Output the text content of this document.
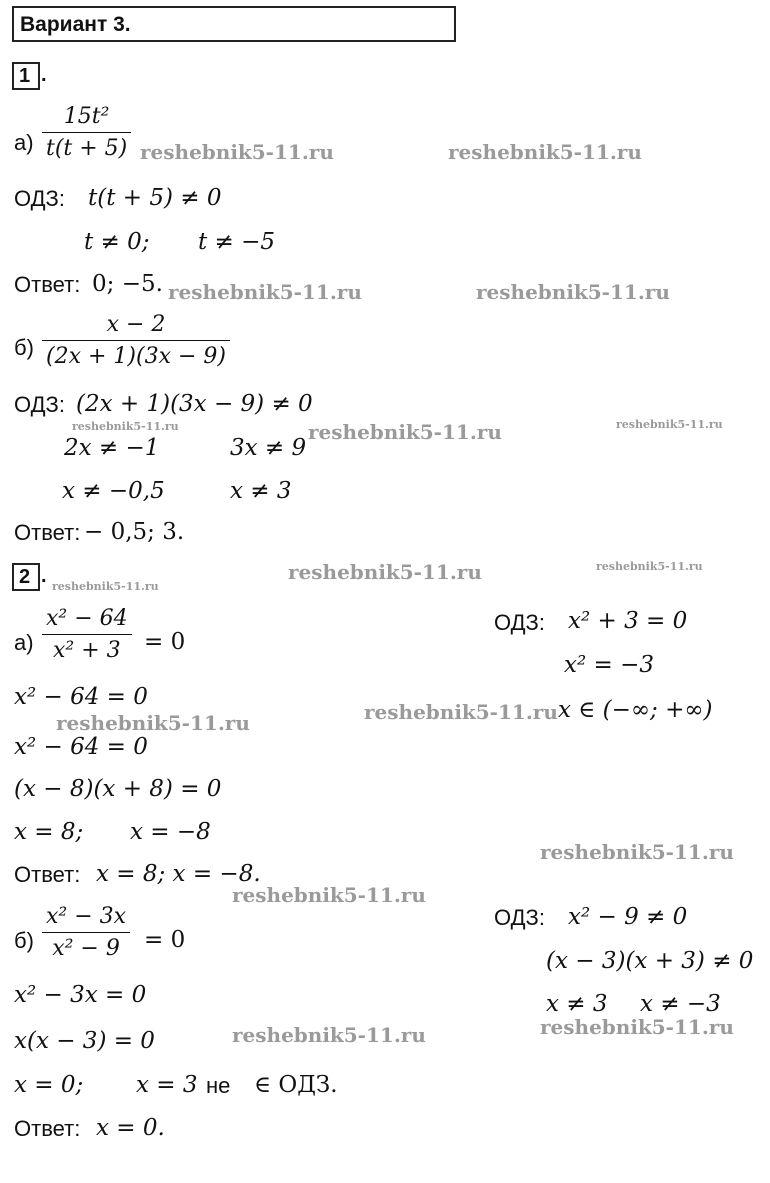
Вариант 3.
1 .
а)
15t²
t(t + 5)
ОДЗ: t(t + 5) ≠ 0
t ≠ 0; t ≠ −5
Ответ: 0; −5.
б)
x − 2
(2x + 1)(3x − 9)
ОДЗ: (2x + 1)(3x − 9) ≠ 0
2x ≠ −1	3x ≠ 9
x ≠ −0,5	x ≠ 3
Ответ: − 0,5; 3.
2 .
а)
x² − 64
x² + 3 = 0
x² − 64 = 0
x² − 64 = 0
(x − 8)(x + 8) = 0
x = 8; x = −8
ОДЗ: x² + 3 = 0
x² = −3
x ∈ (−∞; +∞)
Ответ: x = 8; x = −8.
б)
x² − 3x
x² − 9 = 0
x² − 3x = 0
x(x − 3) = 0
x = 0; x = 3 не ∈ ОДЗ.
ОДЗ: x² − 9 ≠ 0
(x − 3)(x + 3) ≠ 0
x ≠ 3 x ≠ −3
Ответ: x = 0.
reshebnik5-11.ru	reshebnik5-11.ru
reshebnik5-11.ru	reshebnik5-11.ru
reshebnik5-11.ru	reshebnik5-11.ru	reshebnik5-11.ru
reshebnik5-11.ru
reshebnik5-11.ru	reshebnik5-11.ru
reshebnik5-11.ru	reshebnik5-11.ru
reshebnik5-11.ru
reshebnik5-11.ru
reshebnik5-11.ru	reshebnik5-11.ru
